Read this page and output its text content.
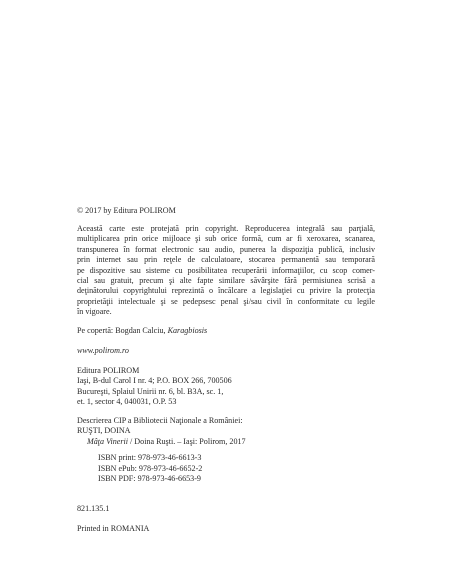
© 2017 by Editura POLIROM
Această carte este protejată prin copyright. Reproducerea integrală sau parţială,
multiplicarea prin orice mijloace şi sub orice formă, cum ar fi xeroxarea, scanarea,
transpunerea în format electronic sau audio, punerea la dispoziţia publică, inclusiv
prin internet sau prin reţele de calculatoare, stocarea permanentă sau temporară
pe dispozitive sau sisteme cu posibilitatea recuperării informaţiilor, cu scop comer-
cial sau gratuit, precum şi alte fapte similare săvârşite fără permisiunea scrisă a
deţinătorului copyrightului reprezintă o încălcare a legislaţiei cu privire la protecţia
proprietăţii intelectuale şi se pedepsesc penal şi/sau civil în conformitate cu legile
în vigoare.
Pe copertă: Bogdan Calciu, Karagbiosis
www.polirom.ro
Editura POLIROM
Iaşi, B-dul Carol I nr. 4; P.O. BOX 266, 700506
Bucureşti, Splaiul Unirii nr. 6, bl. B3A, sc. 1,
et. 1, sector 4, 040031, O.P. 53
Descrierea CIP a Bibliotecii Naţionale a României:
RUŞTI, DOINA
Mâţa Vinerii / Doina Ruşti. – Iaşi: Polirom, 2017
ISBN print: 978-973-46-6613-3
ISBN ePub: 978-973-46-6652-2
ISBN PDF: 978-973-46-6653-9
821.135.1
Printed in ROMANIA
